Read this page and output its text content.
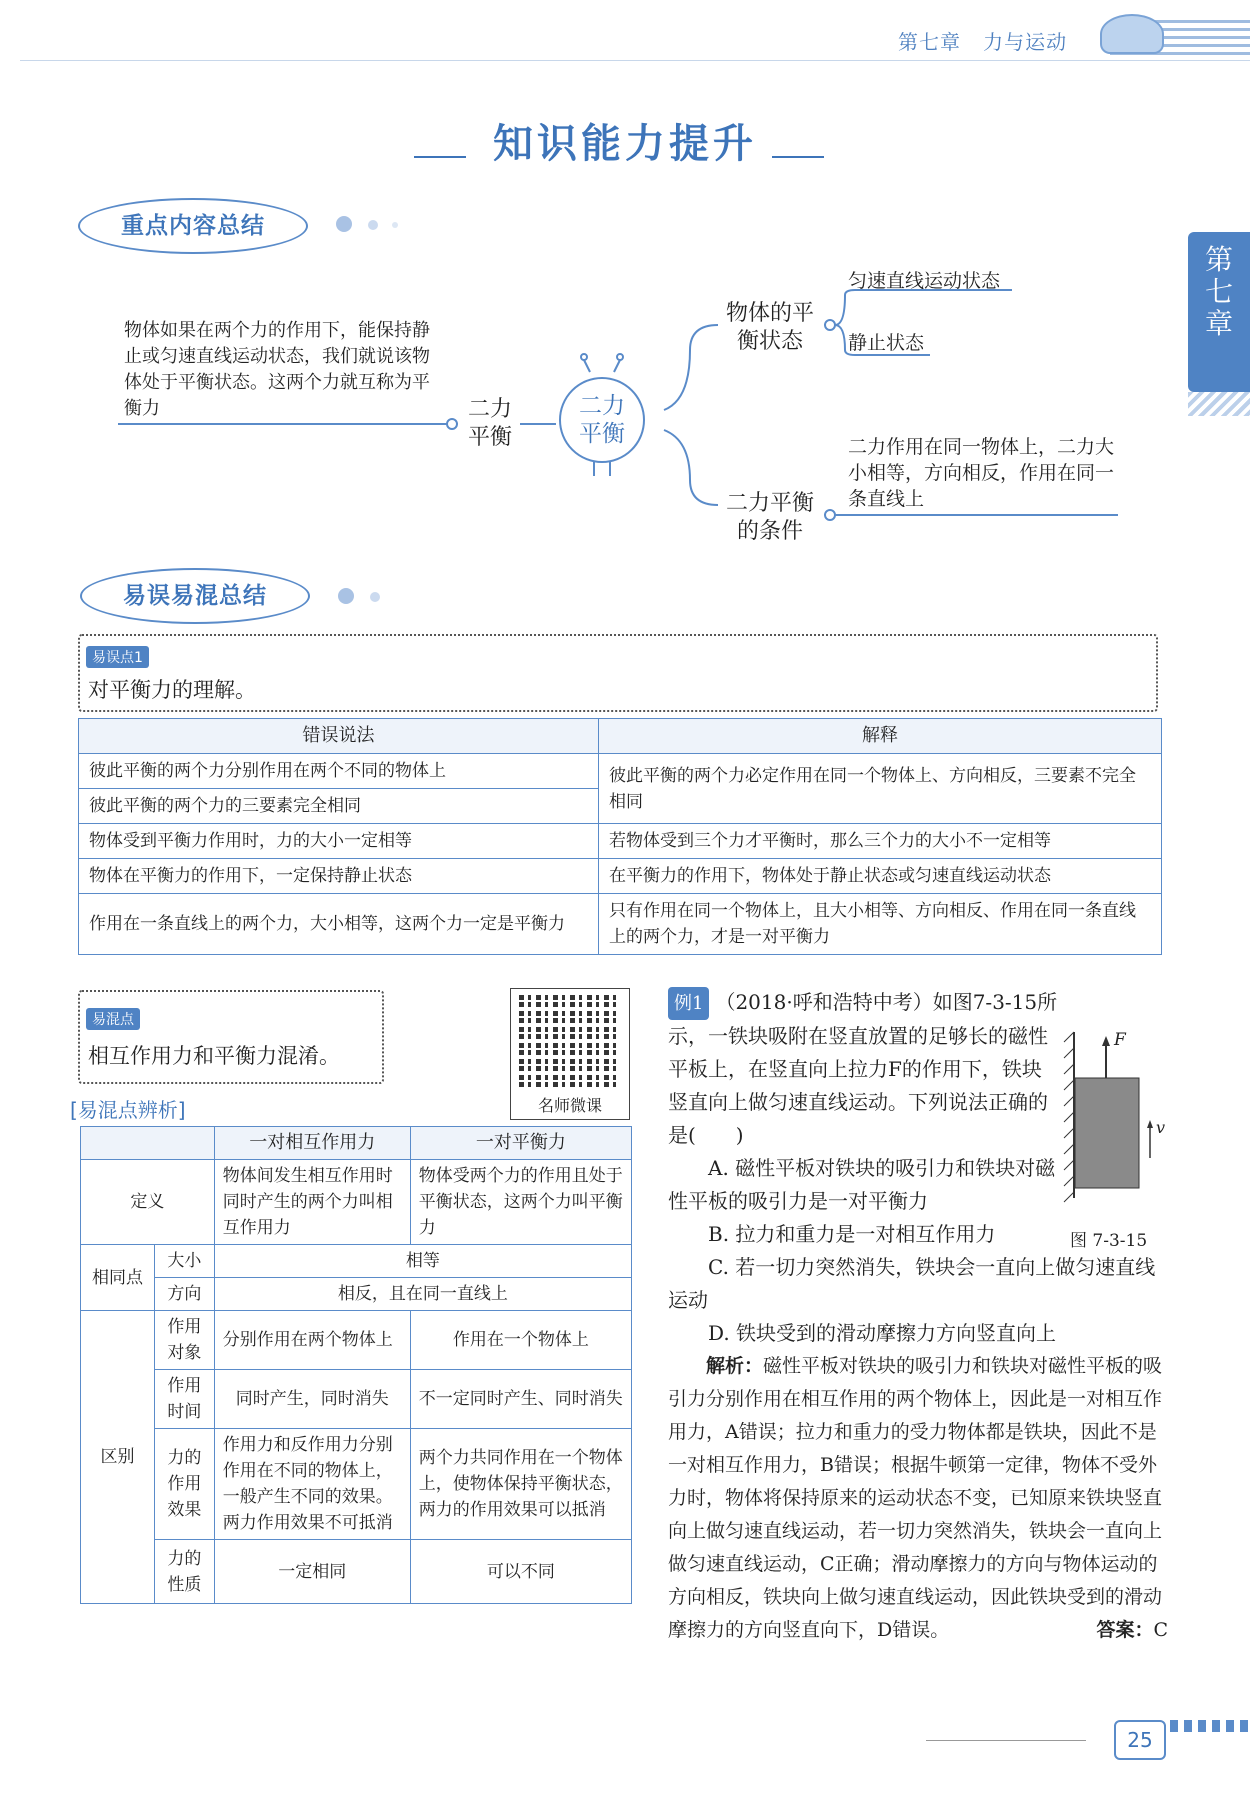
第七章 力与运动
知识能力提升
第七章
重点内容总结
物体如果在两个力的作用下，能保持静止或匀速直线运动状态，我们就说该物体处于平衡状态。这两个力就互称为平衡力	二力平衡
二力平衡
物体的平衡状态
匀速直线运动状态
静止状态
二力平衡的条件
二力作用在同一物体上，二力大小相等，方向相反，作用在同一条直线上
易误易混总结
易误点1
对平衡力的理解。
错误说法	解释
彼此平衡的两个力分别作用在两个不同的物体上	彼此平衡的两个力必定作用在同一个物体上、方向相反，三要素不完全相同
彼此平衡的两个力的三要素完全相同	
物体受到平衡力作用时，力的大小一定相等	若物体受到三个力才平衡时，那么三个力的大小不一定相等
物体在平衡力的作用下，一定保持静止状态	在平衡力的作用下，物体处于静止状态或匀速直线运动状态
作用在一条直线上的两个力，大小相等，这两个力一定是平衡力	只有作用在同一个物体上，且大小相等、方向相反、作用在同一条直线上的两个力，才是一对平衡力
易混点
相互作用力和平衡力混淆。
名师微课
[易混点辨析]
		一对相互作用力	一对平衡力
定义		物体间发生相互作用时同时产生的两个力叫相互作用力	物体受两个力的作用且处于平衡状态，这两个力叫平衡力
相同点	大小	相等	
	方向	相反，且在同一直线上	
区别	作用对象	分别作用在两个物体上	作用在一个物体上
	作用时间	同时产生，同时消失	不一定同时产生、同时消失
	力的作用效果	作用力和反作用力分别作用在不同的物体上，一般产生不同的效果。两力作用效果不可抵消	两个力共同作用在一个物体上，使物体保持平衡状态，两力的作用效果可以抵消
	力的性质	一定相同	可以不同

例1 （2018·呼和浩特中考）如图7-3-15所示，一铁块吸附在竖直放置的足够长的磁性平板上，在竖直向上拉力F的作用下，铁块竖直向上做匀速直线运动。下列说法正确的是(　　)

A. 磁性平板对铁块的吸引力和铁块对磁性平板的吸引力是一对平衡力

B. 拉力和重力是一对相互作用力

C. 若一切力突然消失，铁块会一直向上做匀速直线运动

D. 铁块受到的滑动摩擦力方向竖直向上

解析：磁性平板对铁块的吸引力和铁块对磁性平板的吸引力分别作用在相互作用的两个物体上，因此是一对相互作用力，A错误；拉力和重力的受力物体都是铁块，因此不是一对相互作用力，B错误；根据牛顿第一定律，物体不受外力时，物体将保持原来的运动状态不变，已知原来铁块竖直向上做匀速直线运动，若一切力突然消失，铁块会一直向上做匀速直线运动，C正确；滑动摩擦力的方向与物体运动的方向相反，铁块向上做匀速直线运动，因此铁块受到的滑动摩擦力的方向竖直向下，D错误。	答案：C

F
v
图 7-3-15
25
